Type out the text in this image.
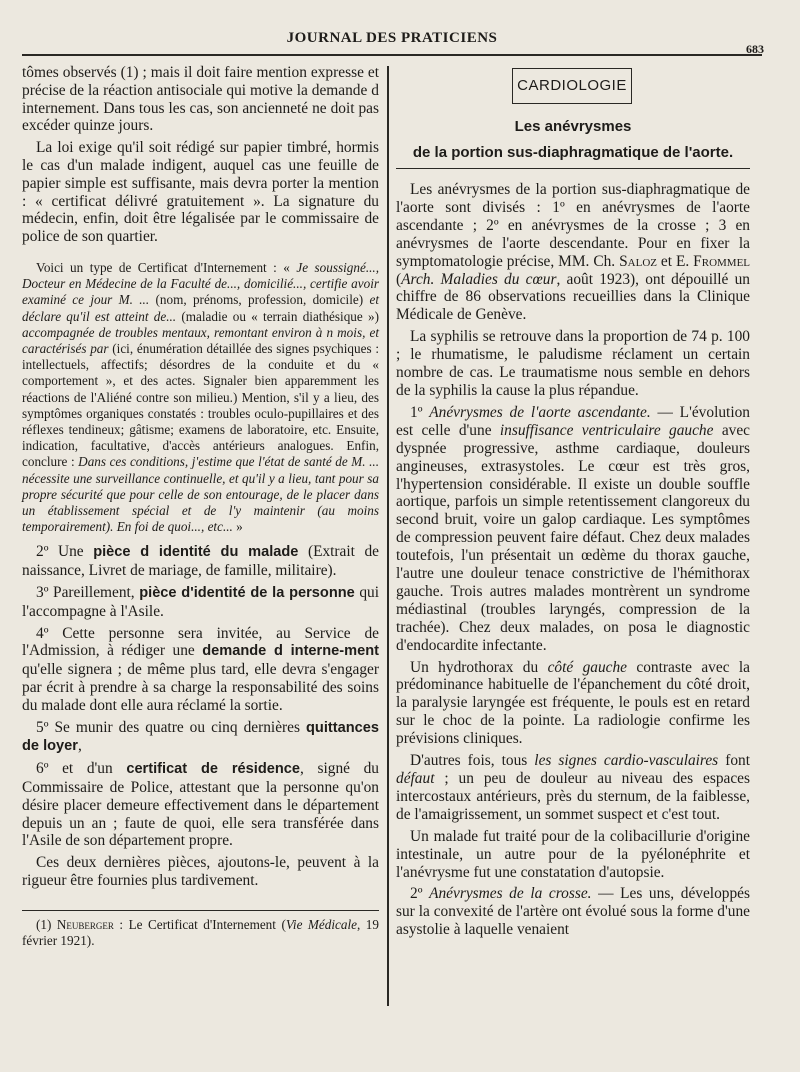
JOURNAL DES PRATICIENS
683

tômes observés (1) ; mais il doit faire mention expresse et précise de la réaction antisociale qui motive la demande d internement. Dans tous les cas, son ancienneté ne doit pas excéder quinze jours.

La loi exige qu'il soit rédigé sur papier timbré, hormis le cas d'un malade indigent, auquel cas une feuille de papier simple est suffisante, mais devra porter la mention : « certificat délivré gratuitement ». La signature du médecin, enfin, doit être légalisée par le commissaire de police de son quartier.

Voici un type de Certificat d'Internement : « Je soussigné..., Docteur en Médecine de la Faculté de..., domicilié..., certifie avoir examiné ce jour M. ... (nom, prénoms, profession, domicile) et déclare qu'il est atteint de... (maladie ou « terrain diathésique ») accompagnée de troubles mentaux, remontant environ à n mois, et caractérisés par (ici, énumération détaillée des signes psychiques : intellectuels, affectifs; désordres de la conduite et du « comportement », et des actes. Signaler bien apparemment les réactions de l'Aliéné contre son milieu.) Mention, s'il y a lieu, des symptômes organiques constatés : troubles oculo-pupillaires et des réflexes tendineux; gâtisme; examens de laboratoire, etc. Ensuite, indication, facultative, d'accès antérieurs analogues. Enfin, conclure : Dans ces conditions, j'estime que l'état de santé de M. ... nécessite une surveillance continuelle, et qu'il y a lieu, tant pour sa propre sécurité que pour celle de son entourage, de le placer dans un établissement spécial et de l'y maintenir (au moins temporairement). En foi de quoi..., etc... »

2º Une pièce d identité du malade (Extrait de naissance, Livret de mariage, de famille, militaire).

3º Pareillement, pièce d'identité de la personne qui l'accompagne à l'Asile.

4º Cette personne sera invitée, au Service de l'Admission, à rédiger une demande d interne-ment qu'elle signera ; de même plus tard, elle devra s'engager par écrit à prendre à sa charge la responsabilité des soins du malade dont elle aura réclamé la sortie.

5º Se munir des quatre ou cinq dernières quittances de loyer,

6º et d'un certificat de résidence, signé du Commissaire de Police, attestant que la personne qu'on désire placer demeure effectivement dans le département depuis un an ; faute de quoi, elle sera transférée dans l'Asile de son département propre.

Ces deux dernières pièces, ajoutons-le, peuvent à la rigueur être fournies plus tardivement.

(1) Neuberger : Le Certificat d'Internement (Vie Médicale, 19 février 1921).

CARDIOLOGIE
Les anévrysmes
de la portion sus-diaphragmatique de l'aorte.

Les anévrysmes de la portion sus-diaphragmatique de l'aorte sont divisés : 1º en anévrysmes de l'aorte ascendante ; 2º en anévrysmes de la crosse ; 3 en anévrysmes de l'aorte descendante. Pour en fixer la symptomatologie précise, MM. Ch. Saloz et E. Frommel (Arch. Maladies du cœur, août 1923), ont dépouillé un chiffre de 86 observations recueillies dans la Clinique Médicale de Genève.

La syphilis se retrouve dans la proportion de 74 p. 100 ; le rhumatisme, le paludisme réclament un certain nombre de cas. Le traumatisme nous semble en dehors de la syphilis la cause la plus répandue.

1º Anévrysmes de l'aorte ascendante. — L'évolution est celle d'une insuffisance ventriculaire gauche avec dyspnée progressive, asthme cardiaque, douleurs angineuses, extrasystoles. Le cœur est très gros, l'hypertension considérable. Il existe un double souffle aortique, parfois un simple retentissement clangoreux du second bruit, voire un galop cardiaque. Les symptômes de compression peuvent faire défaut. Chez deux malades toutefois, l'un présentait un œdème du thorax gauche, l'autre une douleur tenace constrictive de l'hémithorax gauche. Trois autres malades montrèrent un syndrome médiastinal (troubles laryngés, compression de la trachée). Chez deux malades, on posa le diagnostic d'endocardite infectante.

Un hydrothorax du côté gauche contraste avec la prédominance habituelle de l'épanchement du côté droit, la paralysie laryngée est fréquente, le pouls est en retard sur le choc de la pointe. La radiologie confirme les prévisions cliniques.

D'autres fois, tous les signes cardio-vasculaires font défaut ; un peu de douleur au niveau des espaces intercostaux antérieurs, près du sternum, de la faiblesse, de l'amaigrissement, un sommet suspect et c'est tout.

Un malade fut traité pour de la colibacillurie d'origine intestinale, un autre pour de la pyélonéphrite et l'anévrysme fut une constatation d'autopsie.

2º Anévrysmes de la crosse. — Les uns, développés sur la convexité de l'artère ont évolué sous la forme d'une asystolie à laquelle venaient
